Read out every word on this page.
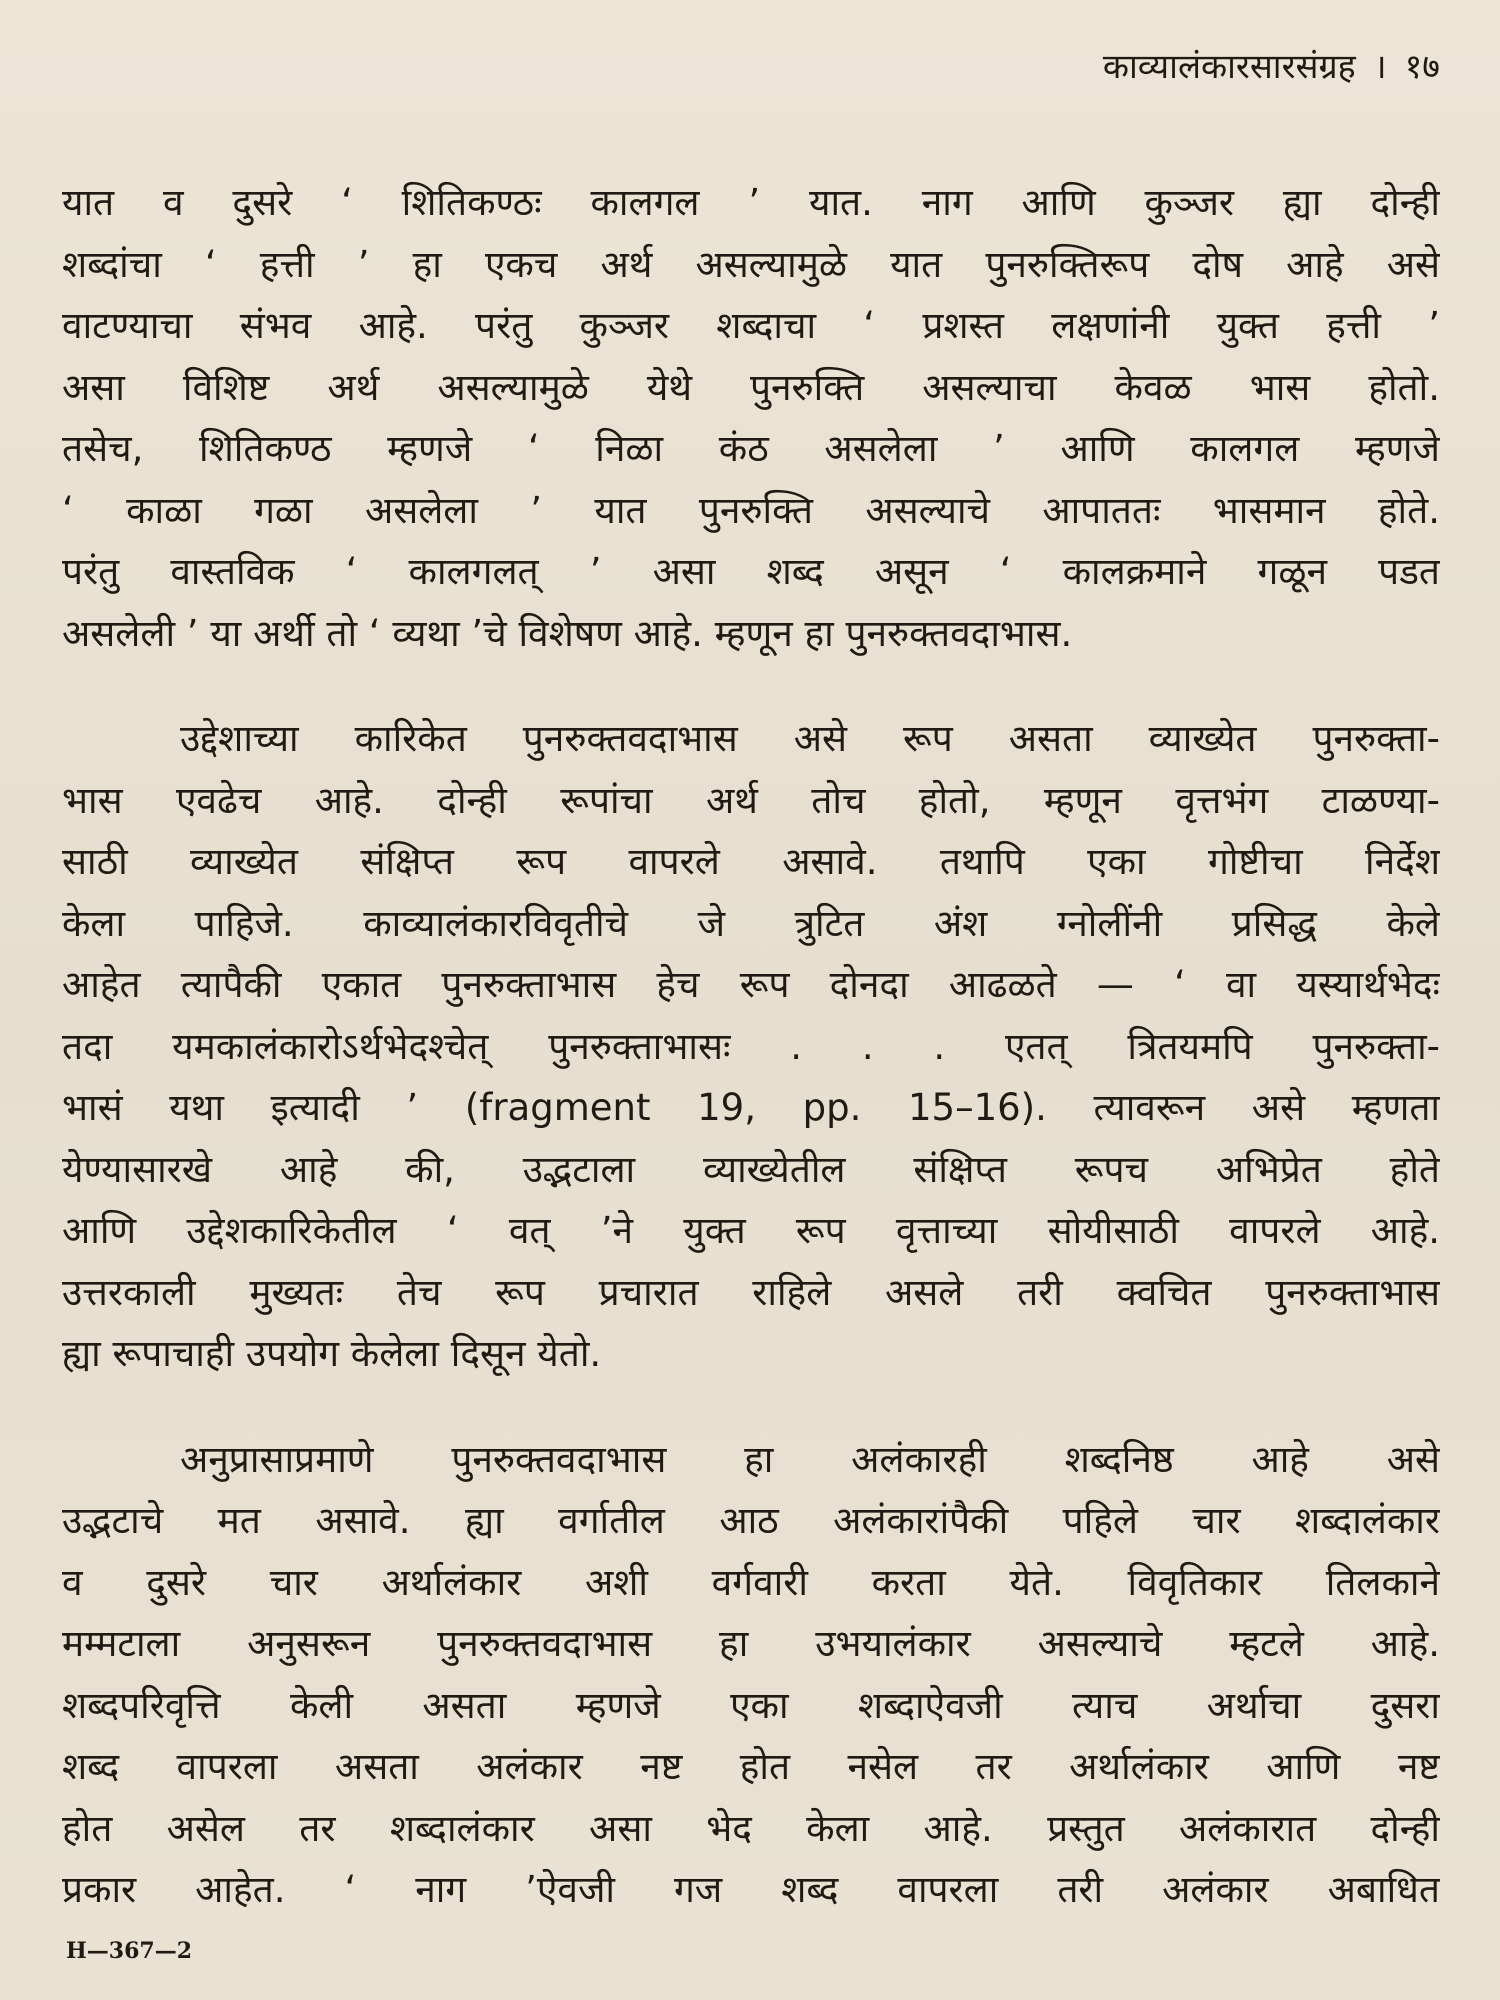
काव्यालंकारसारसंग्रह । १७
यात व दुसरे ‘ शितिकण्ठः कालगल ’ यात. नाग आणि कुञ्जर ह्या दोन्ही
शब्दांचा ‘ हत्ती ’ हा एकच अर्थ असल्यामुळे यात पुनरुक्तिरूप दोष आहे असे
वाटण्याचा संभव आहे. परंतु कुञ्जर शब्दाचा ‘ प्रशस्त लक्षणांनी युक्त हत्ती ’
असा विशिष्ट अर्थ असल्यामुळे येथे पुनरुक्ति असल्याचा केवळ भास होतो.
तसेच, शितिकण्ठ म्हणजे ‘ निळा कंठ असलेला ’ आणि कालगल म्हणजे
‘ काळा गळा असलेला ’ यात पुनरुक्ति असल्याचे आपाततः भासमान होते.
परंतु वास्तविक ‘ कालगलत् ’ असा शब्द असून ‘ कालक्रमाने गळून पडत
असलेली ’ या अर्थी तो ‘ व्यथा ’चे विशेषण आहे. म्हणून हा पुनरुक्तवदाभास.
उद्देशाच्या कारिकेत पुनरुक्तवदाभास असे रूप असता व्याख्येत पुनरुक्ता-
भास एवढेच आहे. दोन्ही रूपांचा अर्थ तोच होतो, म्हणून वृत्तभंग टाळण्या-
साठी व्याख्येत संक्षिप्त रूप वापरले असावे. तथापि एका गोष्टीचा निर्देश
केला पाहिजे. काव्यालंकारविवृतीचे जे त्रुटित अंश ग्नोलींनी प्रसिद्ध केले
आहेत त्यापैकी एकात पुनरुक्ताभास हेच रूप दोनदा आढळते — ‘ वा यस्यार्थभेदः
तदा यमकालंकारोऽर्थभेदश्चेत् पुनरुक्ताभासः . . . एतत् त्रितयमपि पुनरुक्ता-
भासं यथा इत्यादी ’ (fragment 19, pp. 15–16). त्यावरून असे म्हणता
येण्यासारखे आहे की, उद्भटाला व्याख्येतील संक्षिप्त रूपच अभिप्रेत होते
आणि उद्देशकारिकेतील ‘ वत् ’ने युक्त रूप वृत्ताच्या सोयीसाठी वापरले आहे.
उत्तरकाली मुख्यतः तेच रूप प्रचारात राहिले असले तरी क्वचित पुनरुक्ताभास
ह्या रूपाचाही उपयोग केलेला दिसून येतो.
अनुप्रासाप्रमाणे पुनरुक्तवदाभास हा अलंकारही शब्दनिष्ठ आहे असे
उद्भटाचे मत असावे. ह्या वर्गातील आठ अलंकारांपैकी पहिले चार शब्दालंकार
व दुसरे चार अर्थालंकार अशी वर्गवारी करता येते. विवृतिकार तिलकाने
मम्मटाला अनुसरून पुनरुक्तवदाभास हा उभयालंकार असल्याचे म्हटले आहे.
शब्दपरिवृत्ति केली असता म्हणजे एका शब्दाऐवजी त्याच अर्थाचा दुसरा
शब्द वापरला असता अलंकार नष्ट होत नसेल तर अर्थालंकार आणि नष्ट
होत असेल तर शब्दालंकार असा भेद केला आहे. प्रस्तुत अलंकारात दोन्ही
प्रकार आहेत. ‘ नाग ’ऐवजी गज शब्द वापरला तरी अलंकार अबाधित
H—367—2
